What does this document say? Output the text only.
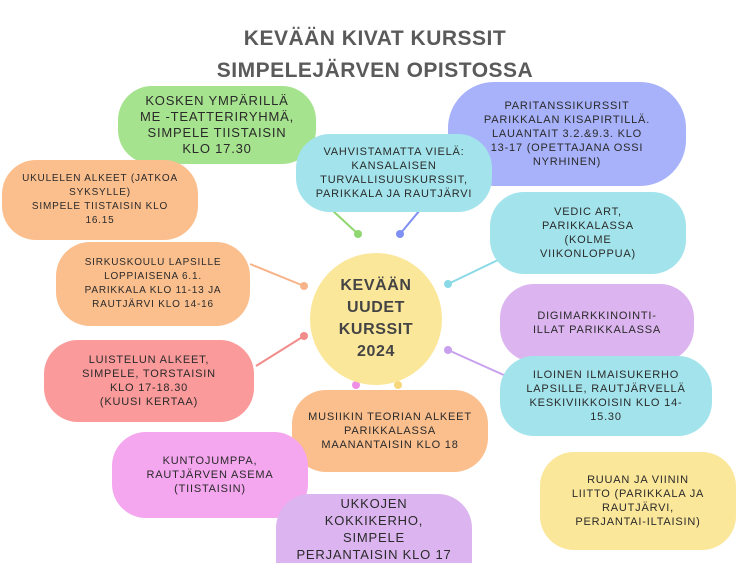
KEVÄÄN KIVAT KURSSIT
SIMPELEJÄRVEN OPISTOSSA
KOSKEN YMPÄRILLÄ
ME -TEATTERIRYHMÄ,
SIMPELE TIISTAISIN
KLO 17.30
PARITANSSIKURSSIT
PARIKKALAN KISAPIRTILLÄ.
LAUANTAIT 3.2.&9.3. KLO
13-17 (OPETTAJANA OSSI
NYRHINEN)
VAHVISTAMATTA VIELÄ:
KANSALAISEN
TURVALLISUUSKURSSIT,
PARIKKALA JA RAUTJÄRVI
UKULELEN ALKEET (JATKOA
SYKSYLLE)
SIMPELE TIISTAISIN KLO 16.15
VEDIC ART,
PARIKKALASSA
(KOLME
VIIKONLOPPUA)
SIRKUSKOULU LAPSILLE
LOPPIAISENA 6.1.
PARIKKALA KLO 11-13 JA
RAUTJÄRVI KLO 14-16
DIGIMARKKINOINTI-
ILLAT PARIKKALASSA
LUISTELUN ALKEET,
SIMPELE, TORSTAISIN
KLO 17-18.30
(KUUSI KERTAA)
ILOINEN ILMAISUKERHO
LAPSILLE, RAUTJÄRVELLÄ
KESKIVIIKKOISIN KLO 14-15.30
MUSIIKIN TEORIAN ALKEET
PARIKKALASSA
MAANANTAISIN KLO 18
KUNTOJUMPPA,
RAUTJÄRVEN ASEMA
(TIISTAISIN)
RUUAN JA VIININ
LIITTO (PARIKKALA JA
RAUTJÄRVI,
PERJANTAI-ILTAISIN)
UKKOJEN KOKKIKERHO,
SIMPELE
PERJANTAISIN KLO 17
KEVÄÄN
UUDET
KURSSIT
2024
